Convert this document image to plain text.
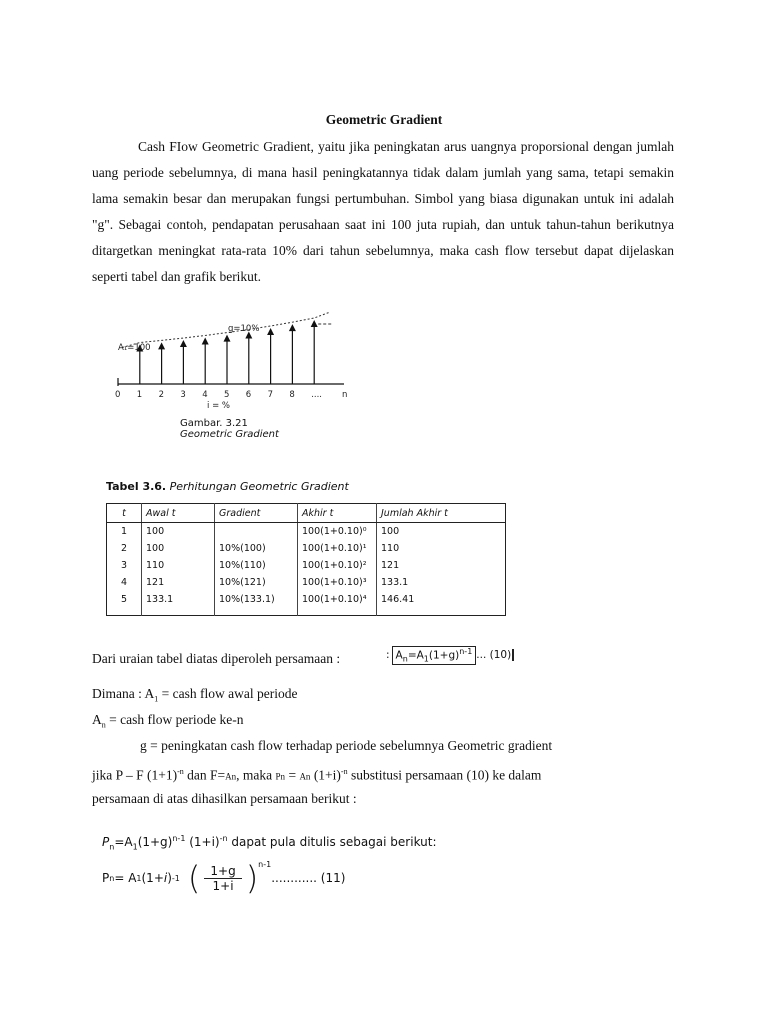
Geometric Gradient

Cash FIow Geometric Gradient, yaitu jika peningkatan arus uangnya proporsional dengan jumlah uang periode sebelumnya, di mana hasil peningkatannya tidak dalam jumlah yang sama, tetapi semakin lama semakin besar dan merupakan fungsi pertumbuhan. Simbol yang biasa digunakan untuk ini adalah "g". Sebagai contoh, pendapatan perusahaan saat ini 100 juta rupiah, dan untuk tahun-tahun berikutnya ditargetkan meningkat rata-rata 10% dari tahun sebelumnya, maka cash flow tersebut dapat dijelaskan seperti tabel dan grafik berikut.

A₁=100
g=10%
i = %
0 1 2 3 4 5 6 7 8 .... n
Gambar. 3.21
Geometric Gradient
Tabel 3.6. Perhitungan Geometric Gradient
t	Awal t	Gradient	Akhir t	Jumlah Akhir t
1	100		100(1+0.10)⁰	100
2	100	10%(100)	100(1+0.10)¹	110
3	110	10%(110)	100(1+0.10)²	121
4	121	10%(121)	100(1+0.10)³	133.1
5	133.1	10%(133.1)	100(1+0.10)⁴	146.41

Dari uraian tabel diatas diperoleh persamaan :	: $A_n=A_1(1+g)^{n-1}$ ... (10)

Dimana : $A_1$ = cash flow awal periode

$A_n$ = cash flow periode ke-n

g = peningkatan cash flow terhadap periode sebelumnya Geometric gradient

jika P – F $(1+1)^{-n}$ dan F=An, maka Pn = An $(1+i)^{-n}$ substitusi persamaan (10) ke dalam

persamaan di atas dihasilkan persamaan berikut :

$P_n=A_1(1+g)^{n-1}$ $(1+i)^{-n}$ dapat pula ditulis sebagai berikut:
P n = A 1 (1+ i ) -1 ( $\frac{1+g}{1+i} )^{n-1}$
............ (11)
